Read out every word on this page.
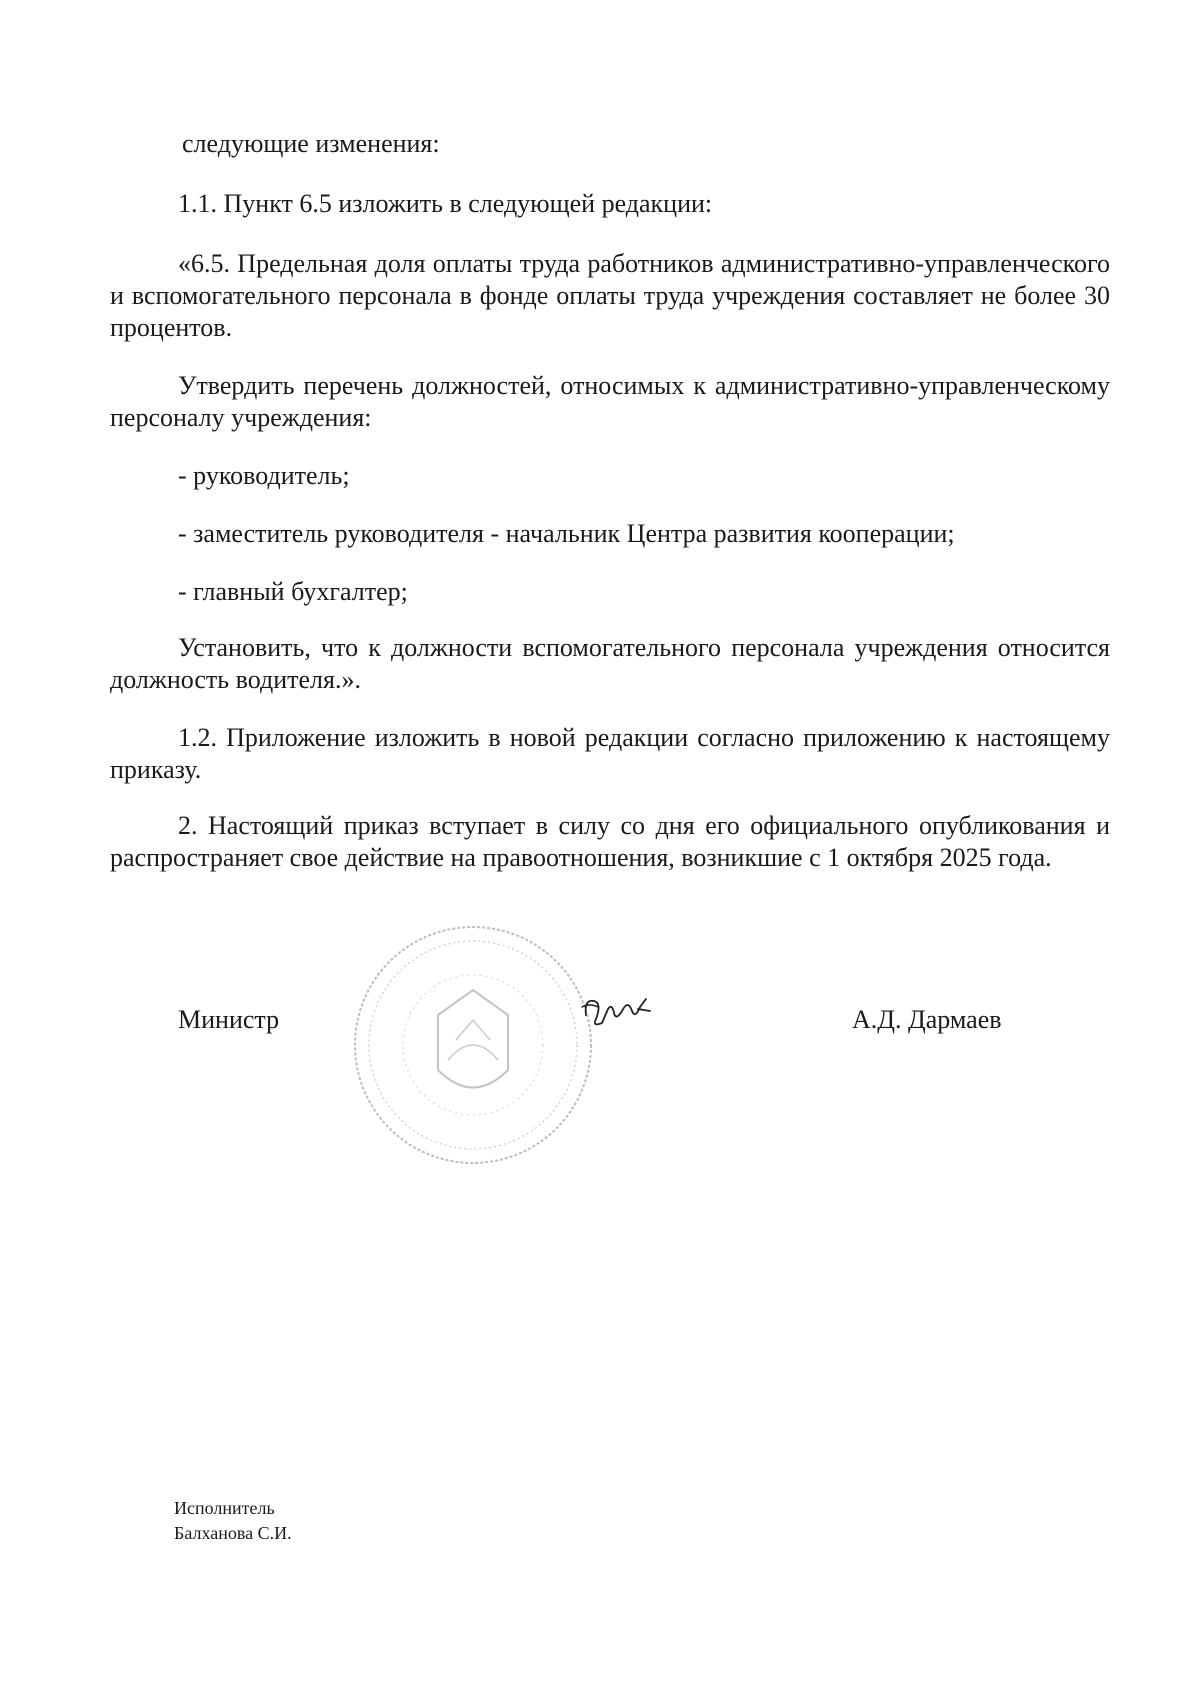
следующие изменения:

1.1. Пункт 6.5 изложить в следующей редакции:

«6.5. Предельная доля оплаты труда работников административно-управленческого и вспомогательного персонала в фонде оплаты труда учреждения составляет не более 30 процентов.

Утвердить перечень должностей, относимых к административно-управленческому персоналу учреждения:

- руководитель;

- заместитель руководителя - начальник Центра развития кооперации;

- главный бухгалтер;

Установить, что к должности вспомогательного персонала учреждения относится должность водителя.».

1.2. Приложение изложить в новой редакции согласно приложению к настоящему приказу.

2. Настоящий приказ вступает в силу со дня его официального опубликования и распространяет свое действие на правоотношения, возникшие с 1 октября 2025 года.

Министр	А.Д. Дармаев
Исполнитель
Балханова С.И.
